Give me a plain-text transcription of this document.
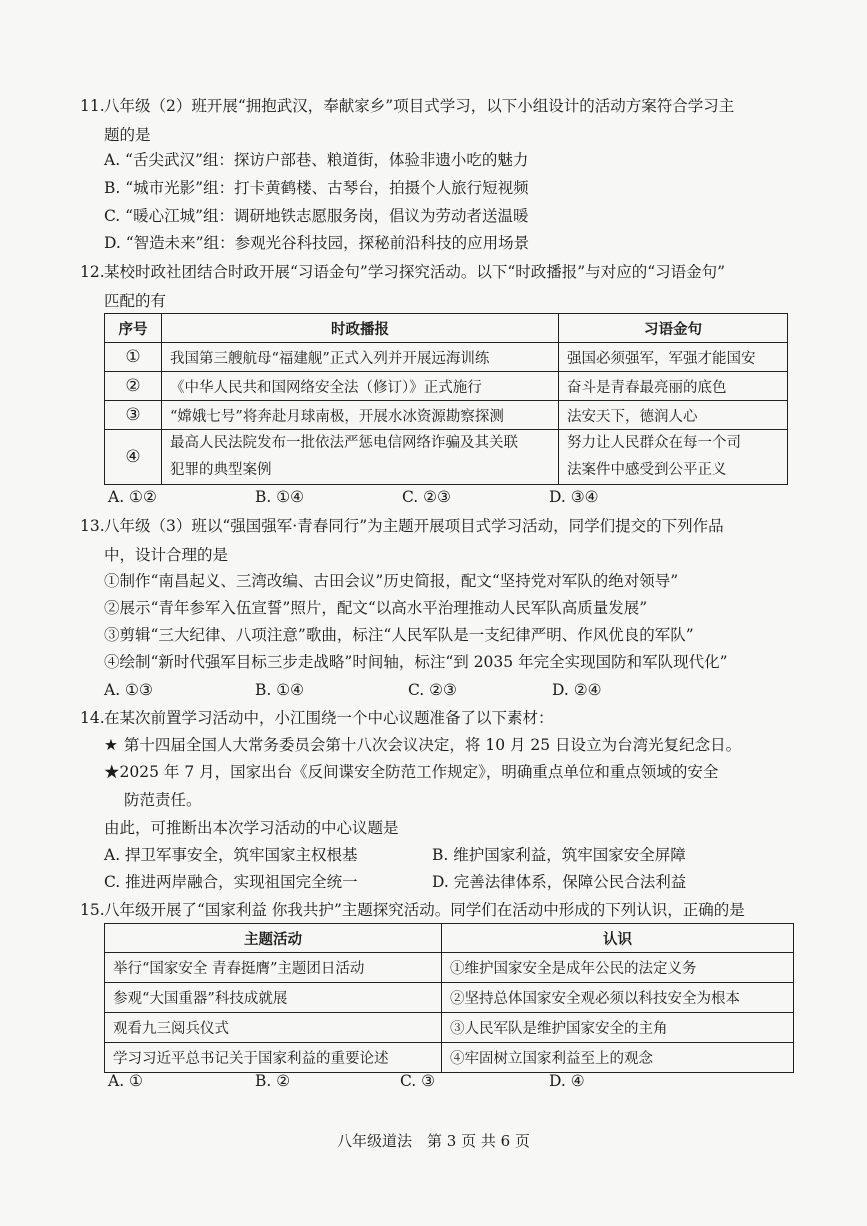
11.八年级（2）班开展“拥抱武汉，奉献家乡”项目式学习，以下小组设计的活动方案符合学习主
题的是
A. “舌尖武汉”组：探访户部巷、粮道街，体验非遗小吃的魅力
B. “城市光影”组：打卡黄鹤楼、古琴台，拍摄个人旅行短视频
C. “暖心江城”组：调研地铁志愿服务岗，倡议为劳动者送温暖
D. “智造未来”组：参观光谷科技园，探秘前沿科技的应用场景
12.某校时政社团结合时政开展“习语金句”学习探究活动。以下“时政播报”与对应的“习语金句”
匹配的有
序号	时政播报	习语金句
①	我国第三艘航母“福建舰”正式入列并开展远海训练	强国必须强军，军强才能国安
②	《中华人民共和国网络安全法（修订）》正式施行	奋斗是青春最亮丽的底色
③	“嫦娥七号”将奔赴月球南极，开展水冰资源勘察探测	法安天下，德润人心
④	最高人民法院发布一批依法严惩电信网络诈骗及其关联
犯罪的典型案例	努力让人民群众在每一个司
法案件中感受到公平正义
A. ①②	B. ①④	C. ②③	D. ③④
13.八年级（3）班以“强国强军·青春同行”为主题开展项目式学习活动，同学们提交的下列作品
中，设计合理的是
①制作“南昌起义、三湾改编、古田会议”历史简报，配文“坚持党对军队的绝对领导”
②展示“青年参军入伍宣誓”照片，配文“以高水平治理推动人民军队高质量发展”
③剪辑“三大纪律、八项注意”歌曲，标注“人民军队是一支纪律严明、作风优良的军队”
④绘制“新时代强军目标三步走战略”时间轴，标注“到 2035 年完全实现国防和军队现代化”
A. ①③	B. ①④	C. ②③	D. ②④
14.在某次前置学习活动中，小江围绕一个中心议题准备了以下素材：
★ 第十四届全国人大常务委员会第十八次会议决定，将 10 月 25 日设立为台湾光复纪念日。
★2025 年 7 月，国家出台《反间谍安全防范工作规定》，明确重点单位和重点领域的安全
防范责任。
由此，可推断出本次学习活动的中心议题是
A. 捍卫军事安全，筑牢国家主权根基	B. 维护国家利益，筑牢国家安全屏障
C. 推进两岸融合，实现祖国完全统一	D. 完善法律体系，保障公民合法利益
15.八年级开展了“国家利益 你我共护”主题探究活动。同学们在活动中形成的下列认识，正确的是
主题活动	认识
举行“国家安全 青春挺膺”主题团日活动	①维护国家安全是成年公民的法定义务
参观“大国重器”科技成就展	②坚持总体国家安全观必须以科技安全为根本
观看九三阅兵仪式	③人民军队是维护国家安全的主角
学习习近平总书记关于国家利益的重要论述	④牢固树立国家利益至上的观念
A. ①	B. ②	C. ③	D. ④
八年级道法　第 3 页 共 6 页
